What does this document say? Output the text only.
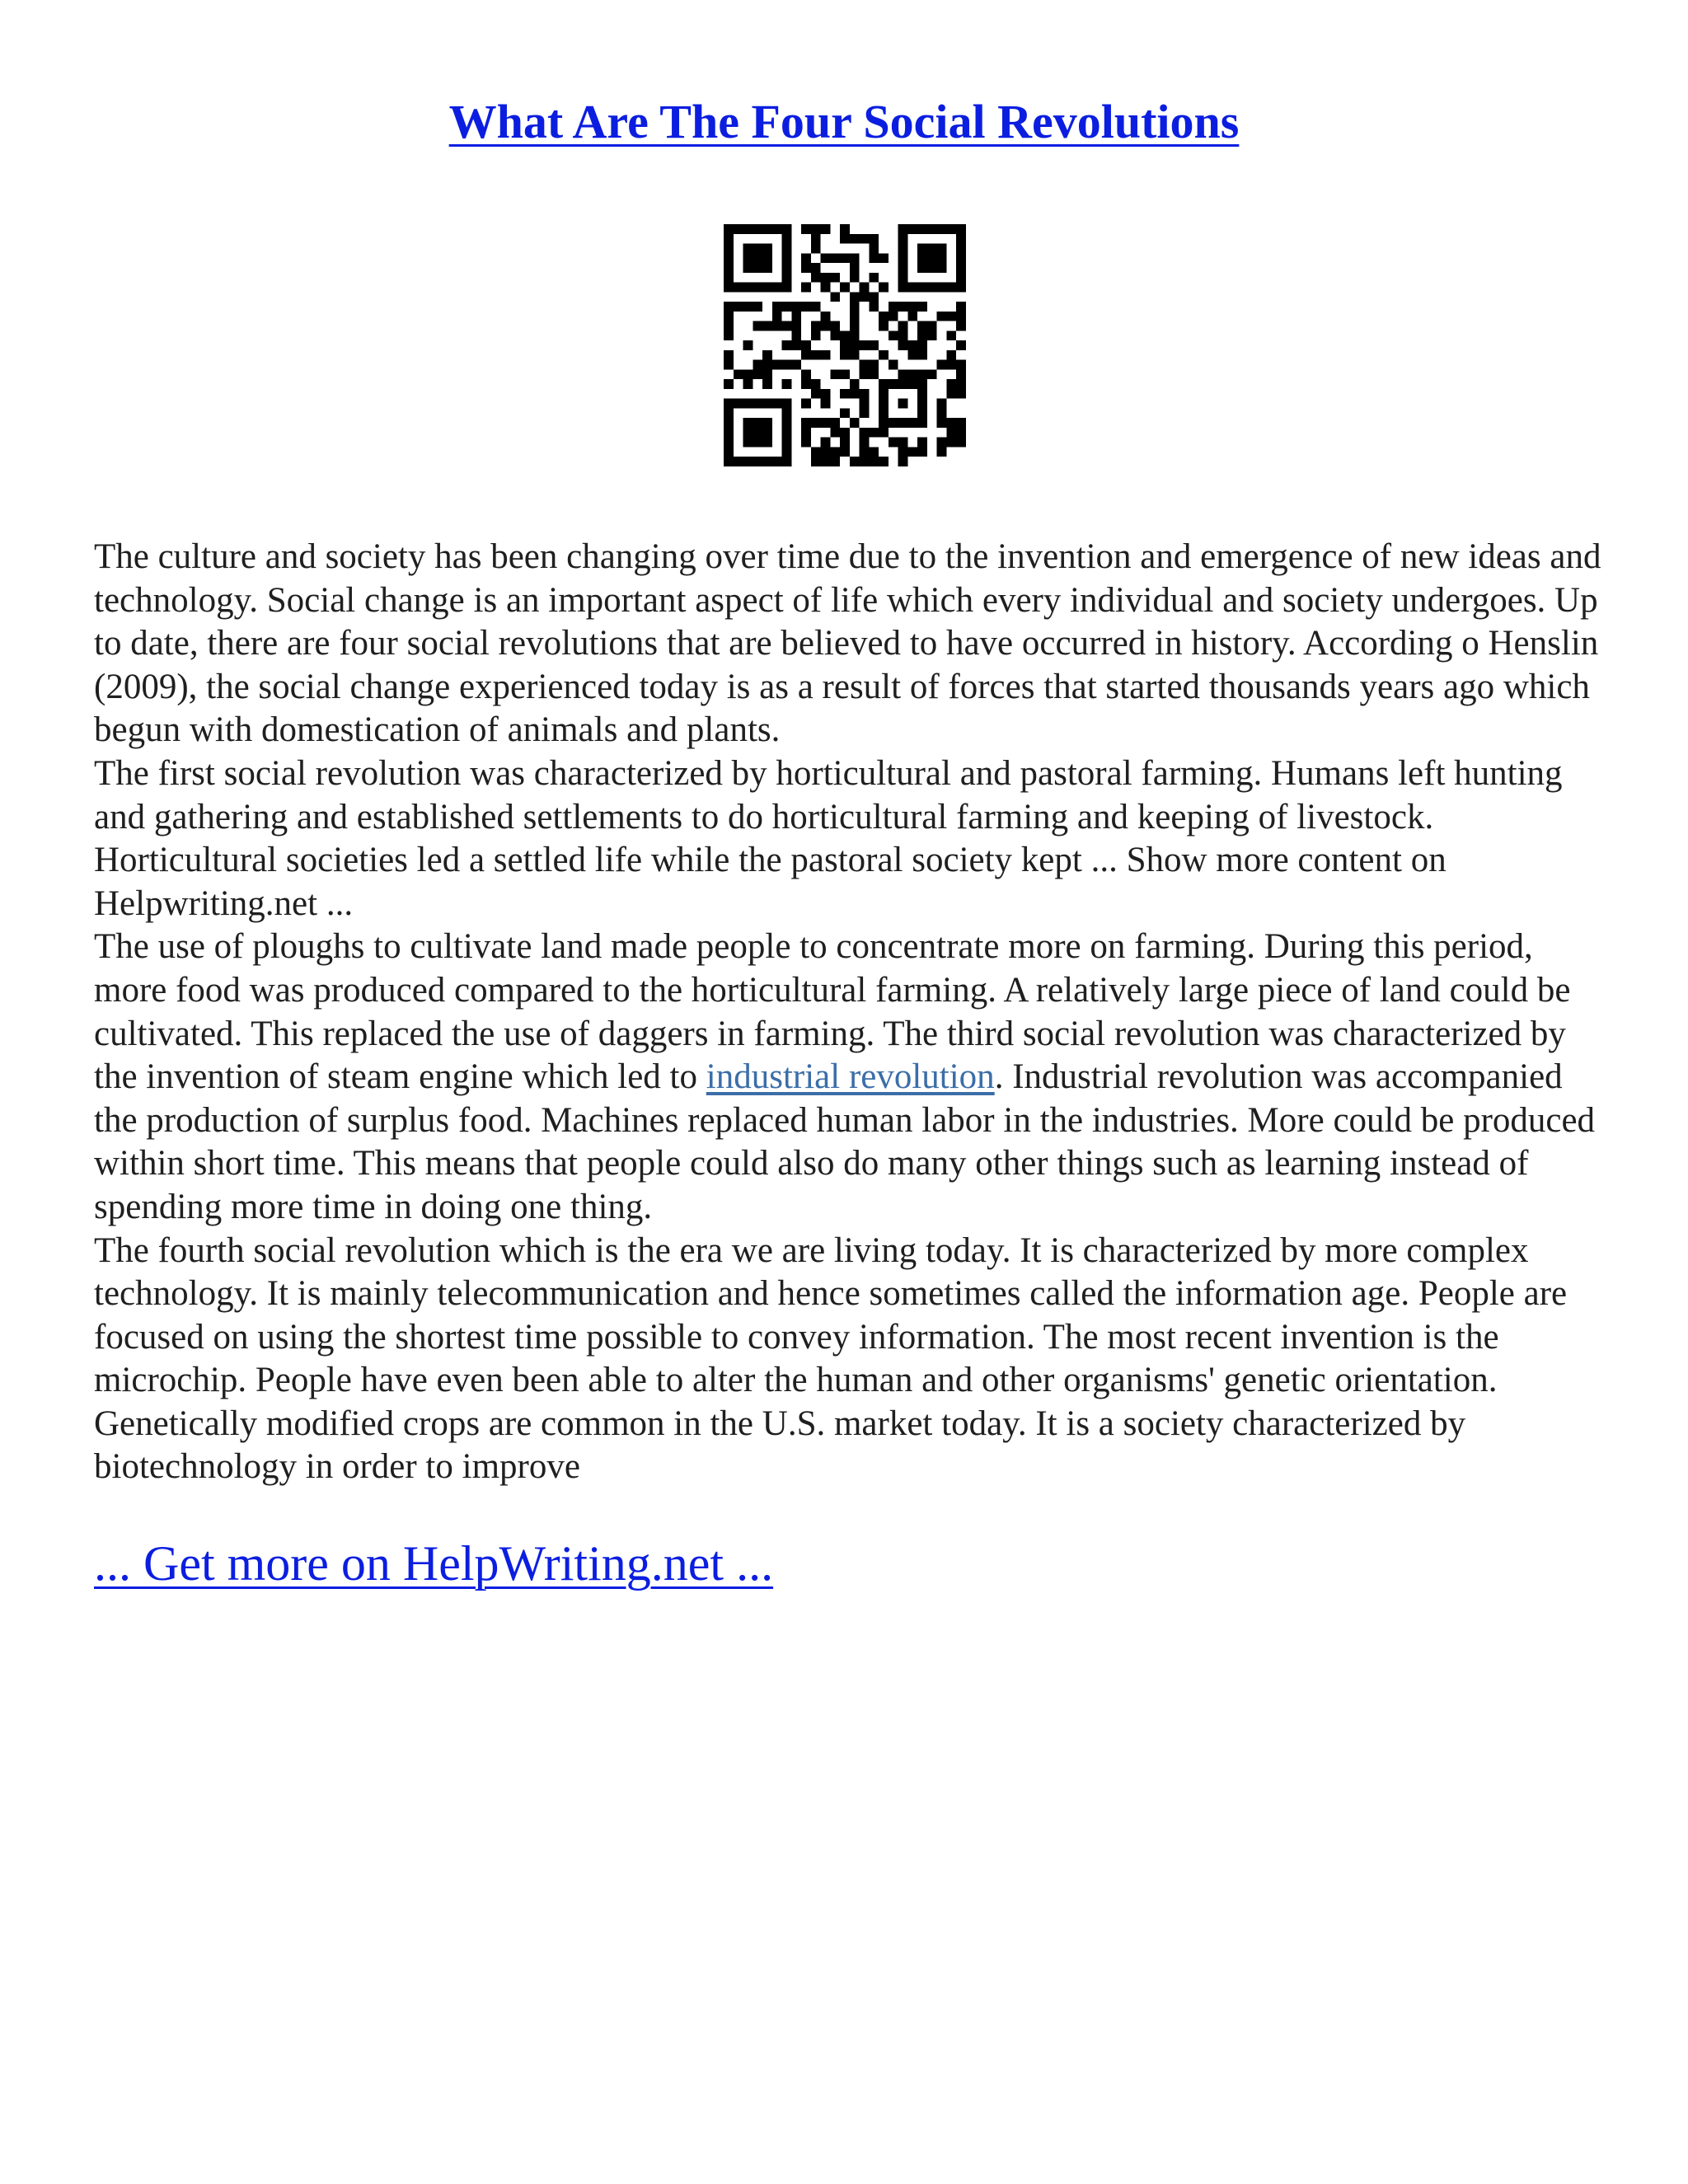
What Are The Four Social Revolutions

The culture and society has been changing over time due to the invention and emergence of new ideas and technology. Social change is an important aspect of life which every individual and society undergoes. Up to date, there are four social revolutions that are believed to have occurred in history. According o Henslin (2009), the social change experienced today is as a result of forces that started thousands years ago which begun with domestication of animals and plants.

The first social revolution was characterized by horticultural and pastoral farming. Humans left hunting and gathering and established settlements to do horticultural farming and keeping of livestock. Horticultural societies led a settled life while the pastoral society kept ... Show more content on Helpwriting.net ...

The use of ploughs to cultivate land made people to concentrate more on farming. During this period, more food was produced compared to the horticultural farming. A relatively large piece of land could be cultivated. This replaced the use of daggers in farming. The third social revolution was characterized by the invention of steam engine which led to industrial revolution. Industrial revolution was accompanied the production of surplus food. Machines replaced human labor in the industries. More could be produced within short time. This means that people could also do many other things such as learning instead of spending more time in doing one thing.

The fourth social revolution which is the era we are living today. It is characterized by more complex technology. It is mainly telecommunication and hence sometimes called the information age. People are focused on using the shortest time possible to convey information. The most recent invention is the microchip. People have even been able to alter the human and other organisms' genetic orientation. Genetically modified crops are common in the U.S. market today. It is a society characterized by biotechnology in order to improve

... Get more on HelpWriting.net ...
